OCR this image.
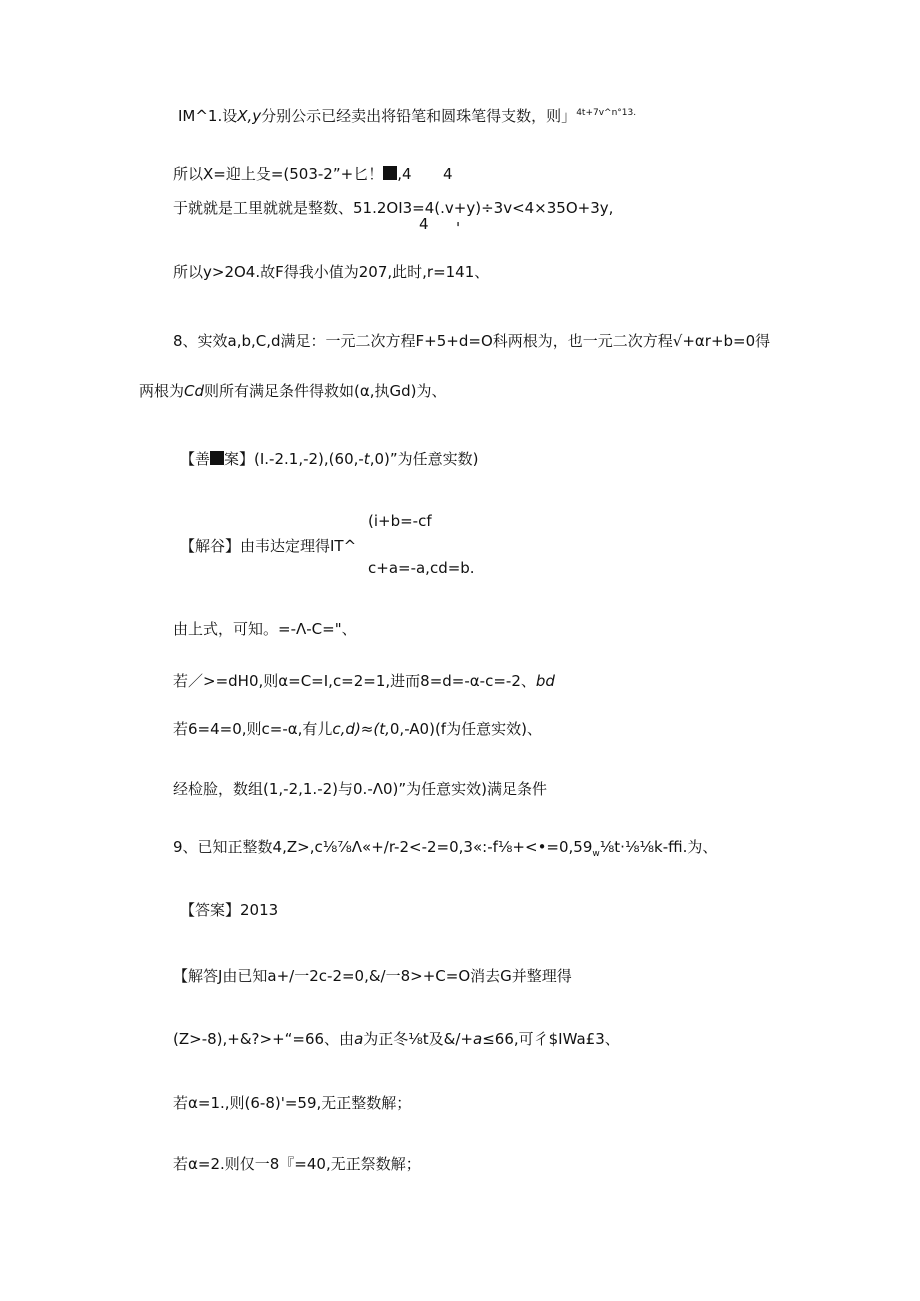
IM^1.设X,y分别公示已经卖出将铅笔和圆珠笔得支数，则」$^{4t+7v\^{}n^\circ 13.}$
所以X=迎上殳=(503-2”+匕！ ,4 4
于就就是工里就就是整数、51.2OI3=4(.v+y)÷3v<4×35O+3y,
4 '
所以y>2O4.故F得我小值为207,此时,r=141、
8、实效a,b,C,d满足：一元二次方程F+5+d=O科两根为，也一元二次方程√+αr+b=0得
两根为Cd则所有满足条件得救如(α,执Gd)为、
【善 案】(I.-2.1,-2),(60,-t,0)”为任意实数)
(i+b=-cf
【解谷】由韦达定理得IT^
c+a=-a,cd=b.
由上式，可知。=-Λ-C="、
若／>=dH0,则α=C=I,c=2=1,进而8=d=-α-c=-2、bd
若6=4=0,则c=-α,有儿c,d)≈(t,0,-A0)(f为任意实效)、
经检脸，数组(1,-2,1.-2)与0.-Λ0)”为任意实效)满足条件
9、已知正整数$4,Z>,c\frac{1}{8}\frac{7}{8}\Lambda«+/r-2<-2=0,3«:-f\frac{1}{8}+<•=0,59_w\frac{1}{8}t\cdot\frac{1}{8}\frac{1}{8}k$-ffi.为、
【答案】2013
【解答J由已知a+/一2c-2=0,&/一8>+C=O消去G并整理得
(Z>-8),+&?>+“=66、由a为正冬⅛t及&/+a≤66,可彳$IWa£3、
若α=1.,则(6-8)'=59,无正整数解；
若α=2.则仅一8『=40,无正祭数解；
